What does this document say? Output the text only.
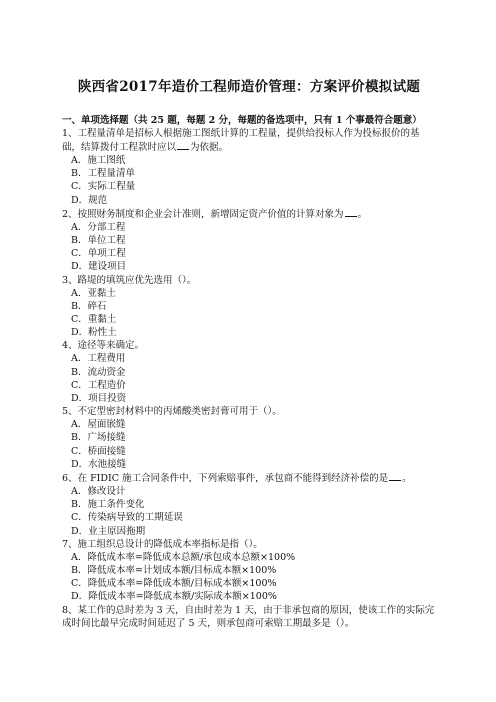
陕西省2017年造价工程师造价管理：方案评价模拟试题

一、单项选择题（共 25 题，每题 2 分，每题的备选项中，只有 1 个事最符合题意）

1、工程量清单是招标人根据施工图纸计算的工程量，提供给投标人作为投标报价的基础，结算拨付工程款时应以 为依据。

A．施工图纸

B．工程量清单

C．实际工程量

D．规范

2、按照财务制度和企业会计准则，新增固定资产价值的计算对象为 。

A．分部工程

B．单位工程

C．单项工程

D．建设项目

3、路堤的填筑应优先选用（）。

A．亚黏土

B．碎石

C．重黏土

D．粉性土

4、途径等来确定。

A．工程费用

B．流动资金

C．工程造价

D．项目投资

5、不定型密封材料中的丙烯酸类密封膏可用于（）。

A．屋面嵌缝

B．广场接缝

C．桥面接缝

D．水池接缝

6、在 FIDIC 施工合同条件中，下列索赔事件，承包商不能得到经济补偿的是 。

A．修改设计

B．施工条件变化

C．传染病导致的工期延误

D．业主原因拖期

7、施工组织总设计的降低成本率指标是指（）。

A．降低成本率=降低成本总额/承包成本总额×100%

B．降低成本率=计划成本额/目标成本额×100%

C．降低成本率=降低成本额/目标成本额×100%

D．降低成本率=降低成本额/实际成本额×100%

8、某工作的总时差为 3 天，自由时差为 1 天，由于非承包商的原因，使该工作的实际完成时间比最早完成时间延迟了 5 天，则承包商可索赔工期最多是（）。
